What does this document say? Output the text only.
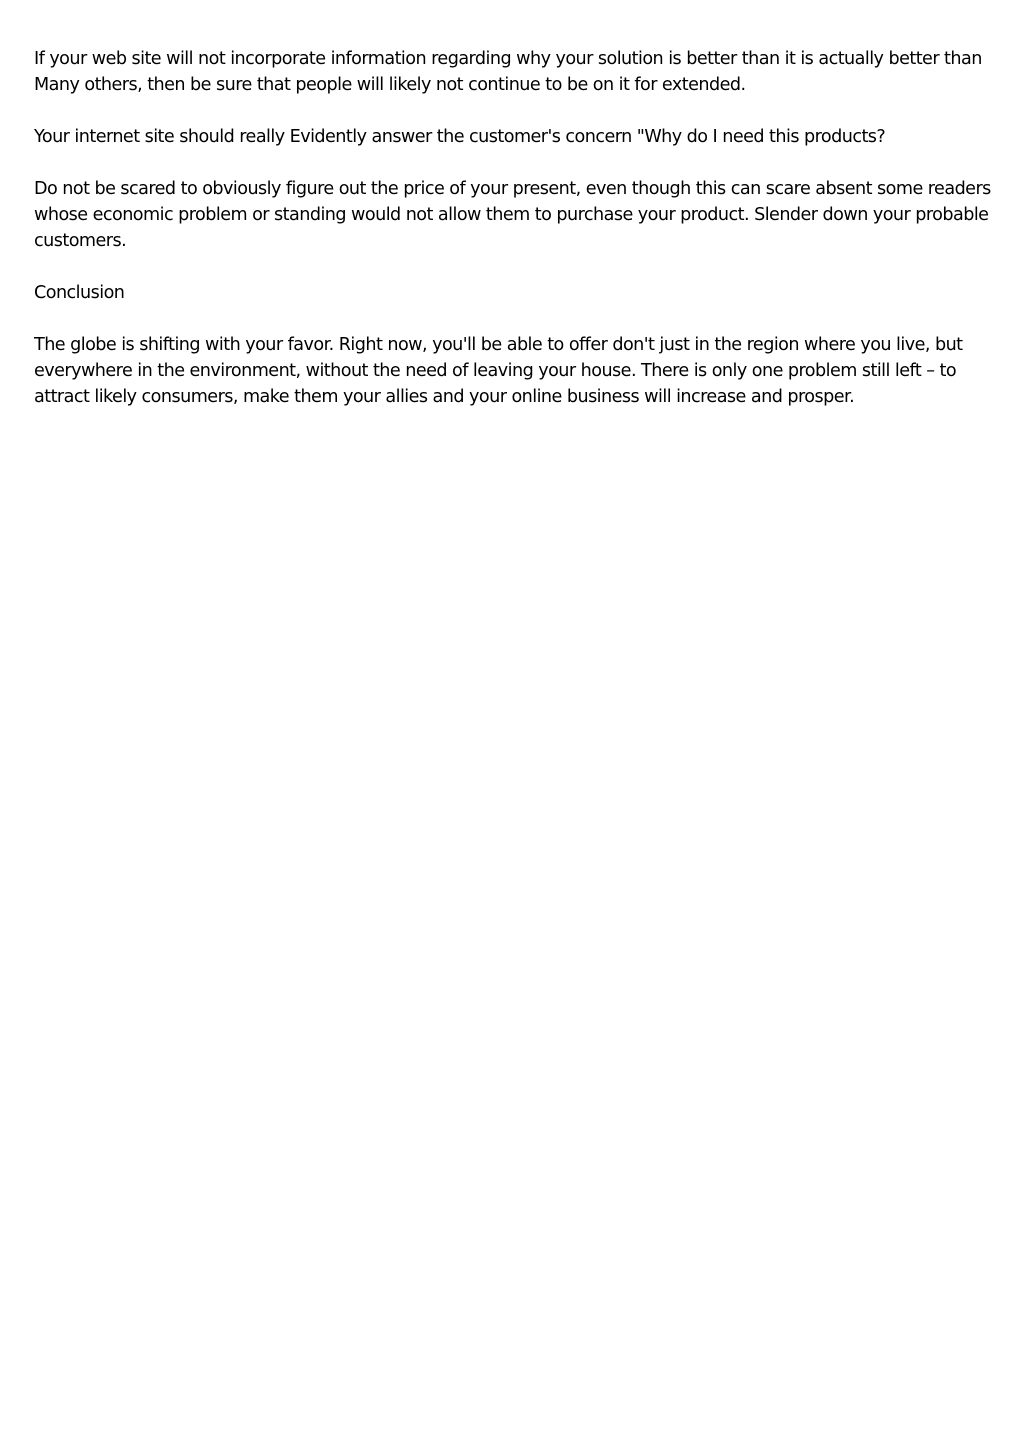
If your web site will not incorporate information regarding why your solution is better than it is actually better than Many others, then be sure that people will likely not continue to be on it for extended.

Your internet site should really Evidently answer the customer's concern "Why do I need this products?

Do not be scared to obviously figure out the price of your present, even though this can scare absent some readers whose economic problem or standing would not allow them to purchase your product. Slender down your probable customers.

Conclusion

The globe is shifting with your favor. Right now, you'll be able to offer don't just in the region where you live, but everywhere in the environment, without the need of leaving your house. There is only one problem still left – to attract likely consumers, make them your allies and your online business will increase and prosper.
